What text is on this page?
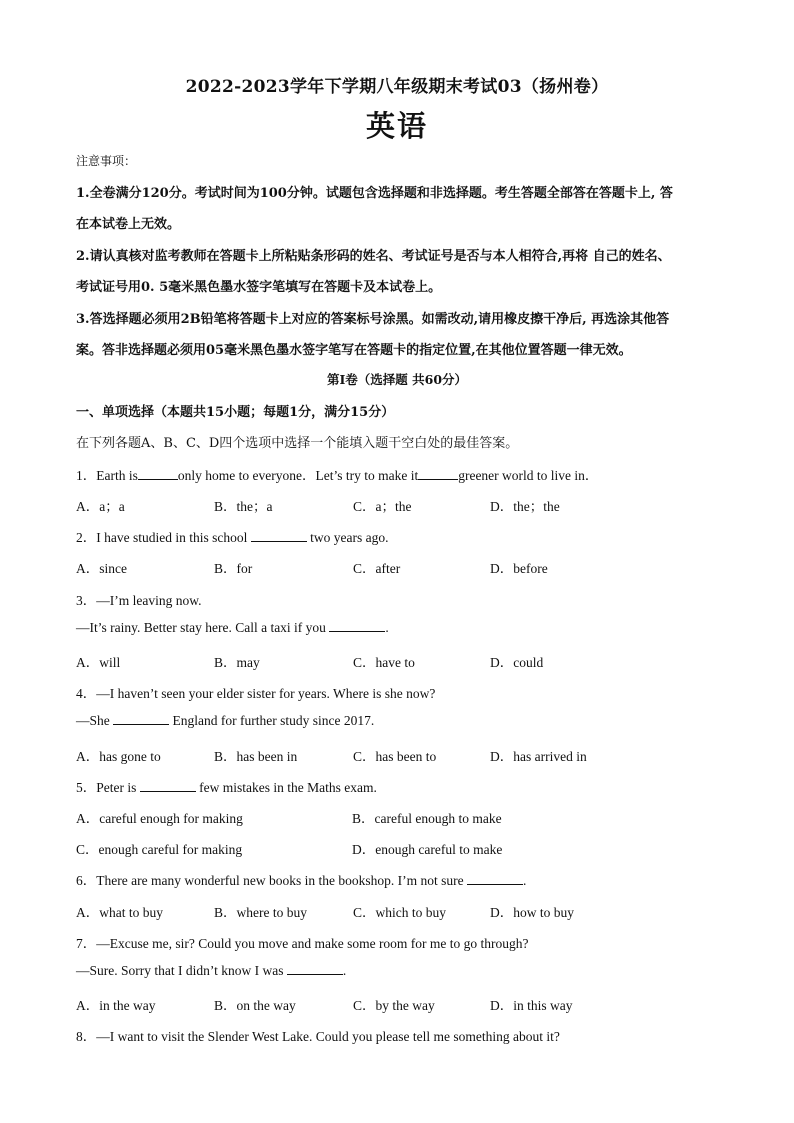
2022-2023学年下学期八年级期末考试03（扬州卷）
英语
注意事项：
1.全卷满分120分。考试时间为100分钟。试题包含选择题和非选择题。考生答题全部答在答题卡上, 答
在本试卷上无效。
2.请认真核对监考教师在答题卡上所粘贴条形码的姓名、考试证号是否与本人相符合,再将 自己的姓名、
考试证号用0. 5毫米黑色墨水签字笔填写在答题卡及本试卷上。
3.答选择题必须用2B铅笔将答题卡上对应的答案标号涂黑。如需改动,请用橡皮擦干净后, 再选涂其他答
案。答非选择题必须用05毫米黑色墨水签字笔写在答题卡的指定位置,在其他位置答题一律无效。
第I卷（选择题 共60分）
一、单项选择（本题共15小题；每题1分，满分15分）
在下列各题A、B、C、D四个选项中选择一个能填入题干空白处的最佳答案。
1．Earth is	only home to everyone．Let’s try to make it	greener world to live in．
A．a；a	B．the；a	C．a；the	D．the；the
2．I have studied in this school	two years ago.
A．since	B．for	C．after	D．before
3．—I’m leaving now.
—It’s rainy. Better stay here. Call a taxi if you	.
A．will	B．may	C．have to	D．could
4．—I haven’t seen your elder sister for years. Where is she now?
—She	England for further study since 2017.
A．has gone to	B．has been in	C．has been to	D．has arrived in
5．Peter is	few mistakes in the Maths exam.
A．careful enough for making	B．careful enough to make
C．enough careful for making	D．enough careful to make
6．There are many wonderful new books in the bookshop. I’m not sure	.
A．what to buy	B．where to buy	C．which to buy	D．how to buy
7．—Excuse me, sir? Could you move and make some room for me to go through?
—Sure. Sorry that I didn’t know I was	.
A．in the way	B．on the way	C．by the way	D．in this way
8．—I want to visit the Slender West Lake. Could you please tell me something about it?
